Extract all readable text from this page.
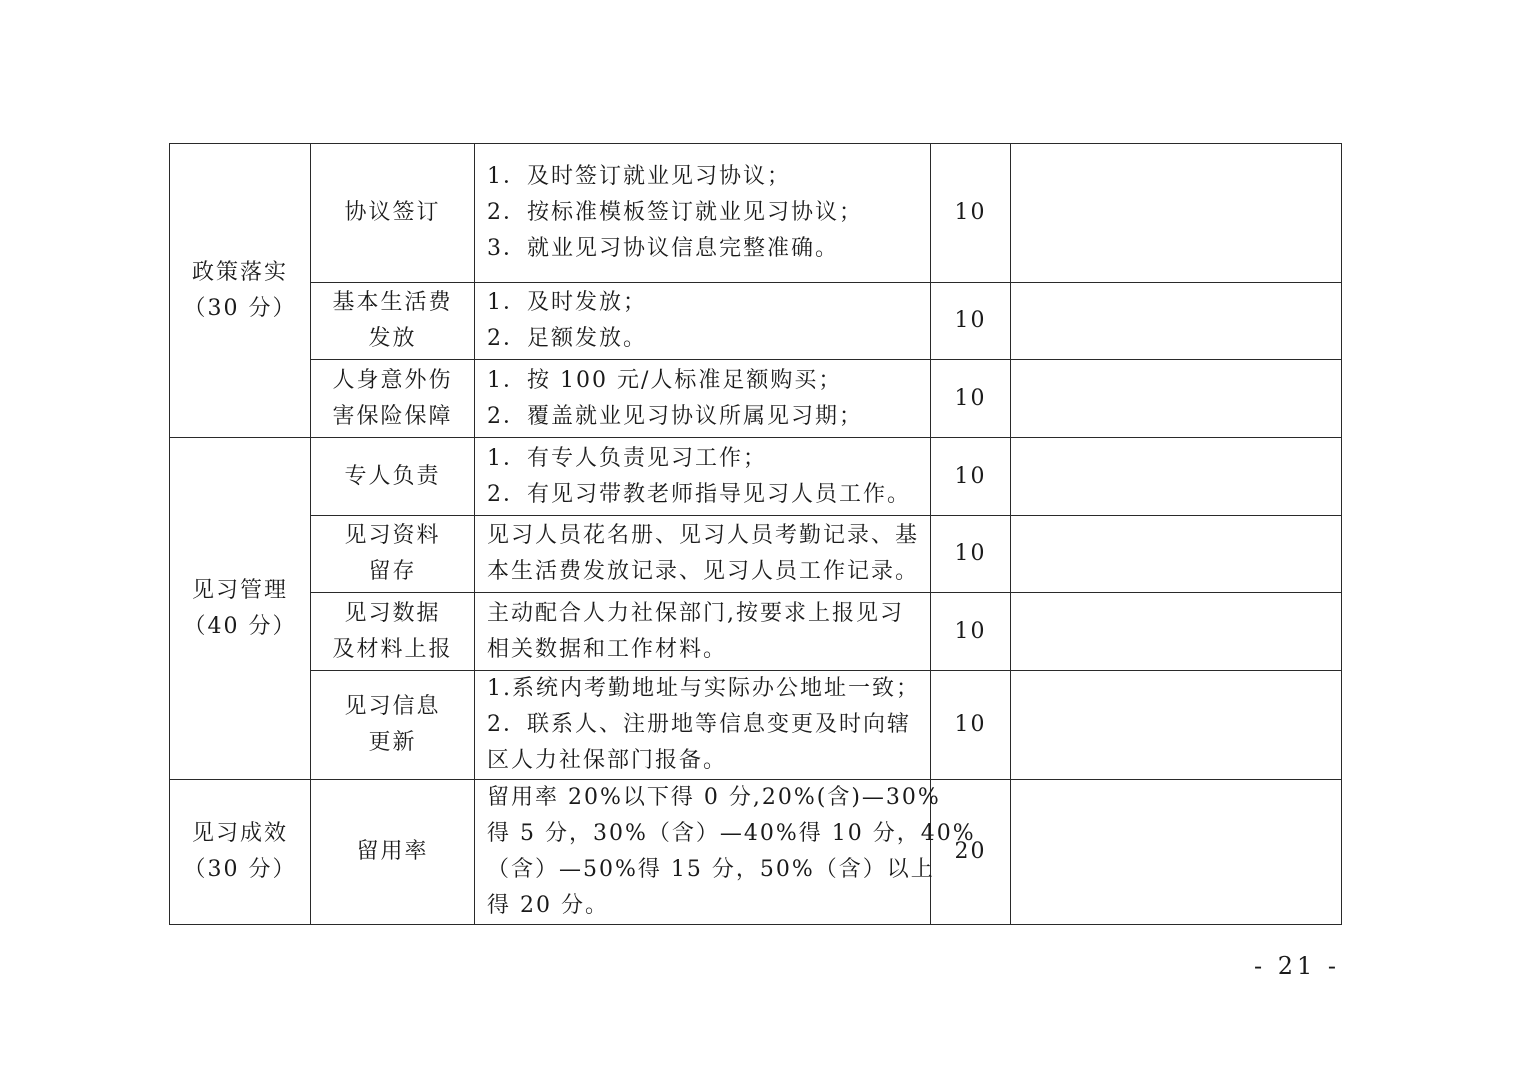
政策落实
（30 分）	协议签订	1．及时签订就业见习协议；
2．按标准模板签订就业见习协议；
3．就业见习协议信息完整准确。	10	

	基本生活费
发放	1．及时发放；
2．足额发放。	10	

	人身意外伤
害保险保障	1．按 100 元/人标准足额购买；
2．覆盖就业见习协议所属见习期；	10	

见习管理
（40 分）	专人负责	1．有专人负责见习工作；
2．有见习带教老师指导见习人员工作。	10	

	见习资料
留存	见习人员花名册、见习人员考勤记录、基
本生活费发放记录、见习人员工作记录。	10	

	见习数据
及材料上报	主动配合人力社保部门,按要求上报见习
相关数据和工作材料。	10	

	见习信息
更新	1.系统内考勤地址与实际办公地址一致；
2．联系人、注册地等信息变更及时向辖
区人力社保部门报备。	10	

见习成效
（30 分）	留用率	留用率 20%以下得 0 分,20%(含)—30%
得 5 分，30%（含）—40%得 10 分，40%
（含）—50%得 15 分，50%（含）以上
得 20 分。	20	
- 21 -
